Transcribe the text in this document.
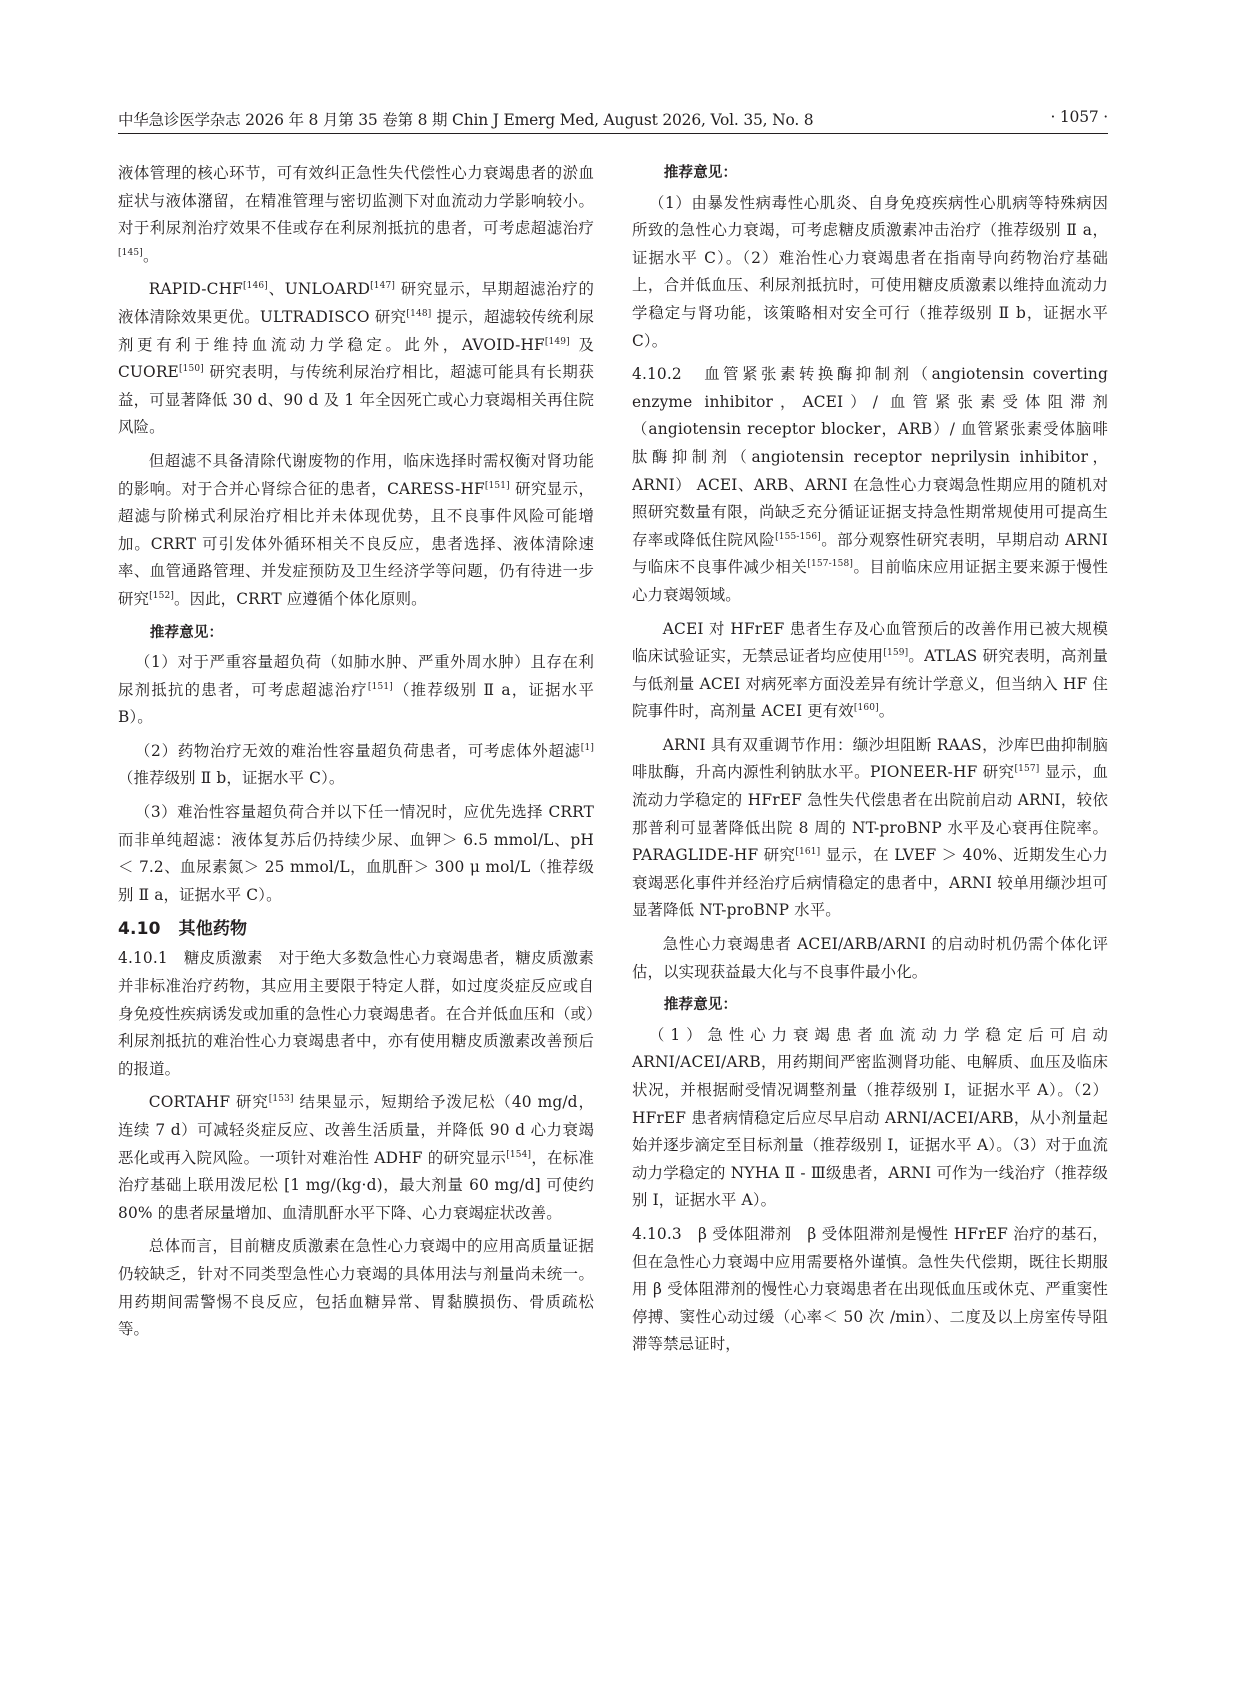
中华急诊医学杂志 2026 年 8 月第 35 卷第 8 期 Chin J Emerg Med, August 2026, Vol. 35, No. 8	· 1057 ·

液体管理的核心环节，可有效纠正急性失代偿性心力衰竭患者的淤血症状与液体潴留，在精准管理与密切监测下对血流动力学影响较小。对于利尿剂治疗效果不佳或存在利尿剂抵抗的患者，可考虑超滤治疗[145]。

RAPID-CHF[146]、UNLOARD[147] 研究显示，早期超滤治疗的液体清除效果更优。ULTRADISCO 研究[148] 提示，超滤较传统利尿剂更有利于维持血流动力学稳定。此外，AVOID-HF[149] 及 CUORE[150] 研究表明，与传统利尿治疗相比，超滤可能具有长期获益，可显著降低 30 d、90 d 及 1 年全因死亡或心力衰竭相关再住院风险。

但超滤不具备清除代谢废物的作用，临床选择时需权衡对肾功能的影响。对于合并心肾综合征的患者，CARESS-HF[151] 研究显示，超滤与阶梯式利尿治疗相比并未体现优势，且不良事件风险可能增加。CRRT 可引发体外循环相关不良反应，患者选择、液体清除速率、血管通路管理、并发症预防及卫生经济学等问题，仍有待进一步研究[152]。因此，CRRT 应遵循个体化原则。

推荐意见：

（1）对于严重容量超负荷（如肺水肿、严重外周水肿）且存在利尿剂抵抗的患者，可考虑超滤治疗[151]（推荐级别 Ⅱ a，证据水平 B）。

（2）药物治疗无效的难治性容量超负荷患者，可考虑体外超滤[1]（推荐级别 Ⅱ b，证据水平 C）。

（3）难治性容量超负荷合并以下任一情况时，应优先选择 CRRT 而非单纯超滤：液体复苏后仍持续少尿、血钾＞ 6.5 mmol/L、pH ＜ 7.2、血尿素氮＞ 25 mmol/L，血肌酐＞ 300 μ mol/L（推荐级别 Ⅱ a，证据水平 C）。

4.10 其他药物

4.10.1　 糖皮质激素　 对于绝大多数急性心力衰竭患者，糖皮质激素并非标准治疗药物，其应用主要限于特定人群，如过度炎症反应或自身免疫性疾病诱发或加重的急性心力衰竭患者。在合并低血压和（或）利尿剂抵抗的难治性心力衰竭患者中，亦有使用糖皮质激素改善预后的报道。

CORTAHF 研究[153] 结果显示，短期给予泼尼松（40 mg/d，连续 7 d）可减轻炎症反应、改善生活质量，并降低 90 d 心力衰竭恶化或再入院风险。一项针对难治性 ADHF 的研究显示[154]，在标准治疗基础上联用泼尼松 [1 mg/(kg·d)，最大剂量 60 mg/d] 可使约 80% 的患者尿量增加、血清肌酐水平下降、心力衰竭症状改善。

总体而言，目前糖皮质激素在急性心力衰竭中的应用高质量证据仍较缺乏，针对不同类型急性心力衰竭的具体用法与剂量尚未统一。用药期间需警惕不良反应，包括血糖异常、胃黏膜损伤、骨质疏松等。

推荐意见：

（1）由暴发性病毒性心肌炎、自身免疫疾病性心肌病等特殊病因所致的急性心力衰竭，可考虑糖皮质激素冲击治疗（推荐级别 Ⅱ a，证据水平 C）。（2）难治性心力衰竭患者在指南导向药物治疗基础上，合并低血压、利尿剂抵抗时，可使用糖皮质激素以维持血流动力学稳定与肾功能，该策略相对安全可行（推荐级别 Ⅱ b，证据水平 C）。

4.10.2　 血管紧张素转换酶抑制剂（angiotensin coverting enzyme inhibitor，ACEI）/ 血管紧张素受体阻滞剂（angiotensin receptor blocker，ARB）/ 血管紧张素受体脑啡肽酶抑制剂（angiotensin receptor neprilysin inhibitor，ARNI） ACEI、ARB、ARNI 在急性心力衰竭急性期应用的随机对照研究数量有限，尚缺乏充分循证证据支持急性期常规使用可提高生存率或降低住院风险[155-156]。部分观察性研究表明，早期启动 ARNI 与临床不良事件减少相关[157-158]。目前临床应用证据主要来源于慢性心力衰竭领域。

ACEI 对 HFrEF 患者生存及心血管预后的改善作用已被大规模临床试验证实，无禁忌证者均应使用[159]。ATLAS 研究表明，高剂量与低剂量 ACEI 对病死率方面没差异有统计学意义，但当纳入 HF 住院事件时，高剂量 ACEI 更有效[160]。

ARNI 具有双重调节作用：缬沙坦阻断 RAAS，沙库巴曲抑制脑啡肽酶，升高内源性利钠肽水平。PIONEER-HF 研究[157] 显示，血流动力学稳定的 HFrEF 急性失代偿患者在出院前启动 ARNI，较依那普利可显著降低出院 8 周的 NT-proBNP 水平及心衰再住院率。PARAGLIDE-HF 研究[161] 显示，在 LVEF ＞ 40%、近期发生心力衰竭恶化事件并经治疗后病情稳定的患者中，ARNI 较单用缬沙坦可显著降低 NT-proBNP 水平。

急性心力衰竭患者 ACEI/ARB/ARNI 的启动时机仍需个体化评估，以实现获益最大化与不良事件最小化。

推荐意见：

（1）急性心力衰竭患者血流动力学稳定后可启动 ARNI/ACEI/ARB，用药期间严密监测肾功能、电解质、血压及临床状况，并根据耐受情况调整剂量（推荐级别 Ⅰ，证据水平 A）。（2）HFrEF 患者病情稳定后应尽早启动 ARNI/ACEI/ARB，从小剂量起始并逐步滴定至目标剂量（推荐级别 Ⅰ，证据水平 A）。（3）对于血流动力学稳定的 NYHA Ⅱ - Ⅲ级患者，ARNI 可作为一线治疗（推荐级别 Ⅰ，证据水平 A）。

4.10.3　 β 受体阻滞剂　 β 受体阻滞剂是慢性 HFrEF 治疗的基石，但在急性心力衰竭中应用需要格外谨慎。急性失代偿期，既往长期服用 β 受体阻滞剂的慢性心力衰竭患者在出现低血压或休克、严重窦性停搏、窦性心动过缓（心率＜ 50 次 /min）、二度及以上房室传导阻滞等禁忌证时，
